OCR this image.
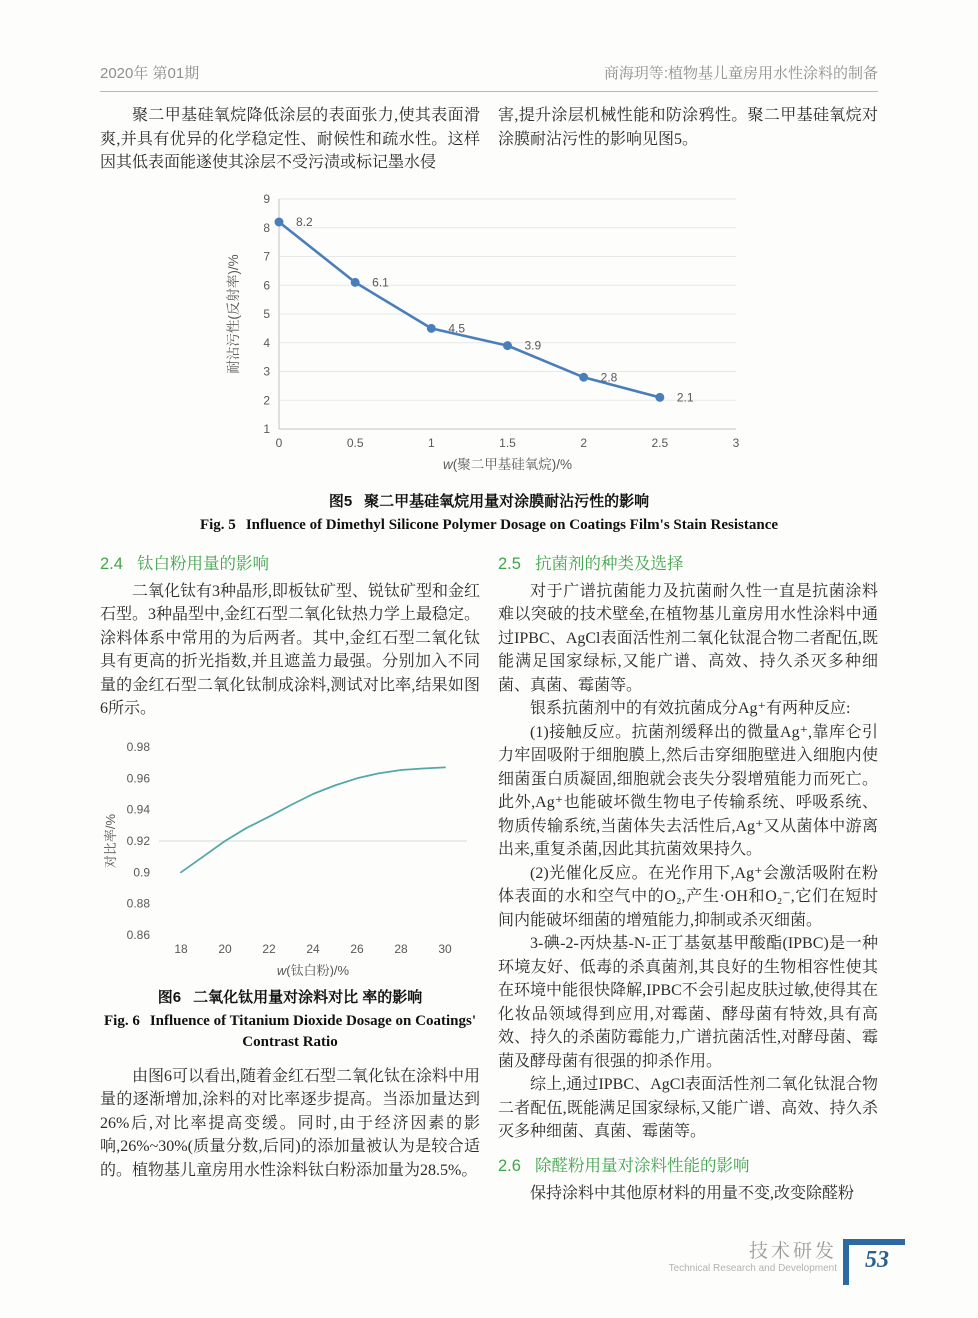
2020年 第01期	商海玥等:植物基儿童房用水性涂料的制备

聚二甲基硅氧烷降低涂层的表面张力,使其表面滑爽,并具有优异的化学稳定性、耐候性和疏水性。这样因其低表面能遂使其涂层不受污渍或标记墨水侵

害,提升涂层机械性能和防涂鸦性。聚二甲基硅氧烷对涂膜耐沾污性的影响见图5。

1
2
3
4
5
6
7
8
9
0	0.5	1	1.5	2	2.5	3
w(聚二甲基硅氧烷)/%
耐沾污性(反射率)/%
8.2
6.1
4.5
3.9
2.8
2.1
图5 聚二甲基硅氧烷用量对涂膜耐沾污性的影响
Fig. 5 Influence of Dimethyl Silicone Polymer Dosage on Coatings Film's Stain Resistance
2.4 钛白粉用量的影响

二氧化钛有3种晶形,即板钛矿型、锐钛矿型和金红石型。3种晶型中,金红石型二氧化钛热力学上最稳定。涂料体系中常用的为后两者。其中,金红石型二氧化钛具有更高的折光指数,并且遮盖力最强。分别加入不同量的金红石型二氧化钛制成涂料,测试对比率,结果如图6所示。

0.86
0.88
0.9
0.92
0.94
0.96
0.98
18	20	22	24	26	28	30
w(钛白粉)/%
对比率/%
图6 二氧化钛用量对涂料对比 率的影响
Fig. 6 Influence of Titanium Dioxide Dosage on Coatings' Contrast Ratio

由图6可以看出,随着金红石型二氧化钛在涂料中用量的逐渐增加,涂料的对比率逐步提高。当添加量达到26%后,对比率提高变缓。同时,由于经济因素的影响,26%~30%(质量分数,后同)的添加量被认为是较合适的。植物基儿童房用水性涂料钛白粉添加量为28.5%。

2.5 抗菌剂的种类及选择

对于广谱抗菌能力及抗菌耐久性一直是抗菌涂料难以突破的技术壁垒,在植物基儿童房用水性涂料中通过IPBC、AgCl表面活性剂二氧化钛混合物二者配伍,既能满足国家绿标,又能广谱、高效、持久杀灭多种细菌、真菌、霉菌等。

银系抗菌剂中的有效抗菌成分Ag⁺有两种反应:

(1)接触反应。抗菌剂缓释出的微量Ag⁺,靠库仑引力牢固吸附于细胞膜上,然后击穿细胞壁进入细胞内使细菌蛋白质凝固,细胞就会丧失分裂增殖能力而死亡。此外,Ag⁺也能破坏微生物电子传输系统、呼吸系统、物质传输系统,当菌体失去活性后,Ag⁺又从菌体中游离出来,重复杀菌,因此其抗菌效果持久。

(2)光催化反应。在光作用下,Ag⁺会激活吸附在粉体表面的水和空气中的O₂,产生·OH和O₂⁻,它们在短时间内能破坏细菌的增殖能力,抑制或杀灭细菌。

3-碘-2-丙炔基-N-正丁基氨基甲酸酯(IPBC)是一种环境友好、低毒的杀真菌剂,其良好的生物相容性使其在环境中能很快降解,IPBC不会引起皮肤过敏,使得其在化妆品领域得到应用,对霉菌、酵母菌有特效,具有高效、持久的杀菌防霉能力,广谱抗菌活性,对酵母菌、霉菌及酵母菌有很强的抑杀作用。

综上,通过IPBC、AgCl表面活性剂二氧化钛混合物二者配伍,既能满足国家绿标,又能广谱、高效、持久杀灭多种细菌、真菌、霉菌等。

2.6 除醛粉用量对涂料性能的影响

保持涂料中其他原材料的用量不变,改变除醛粉

技术研发
Technical Research and Development 53
